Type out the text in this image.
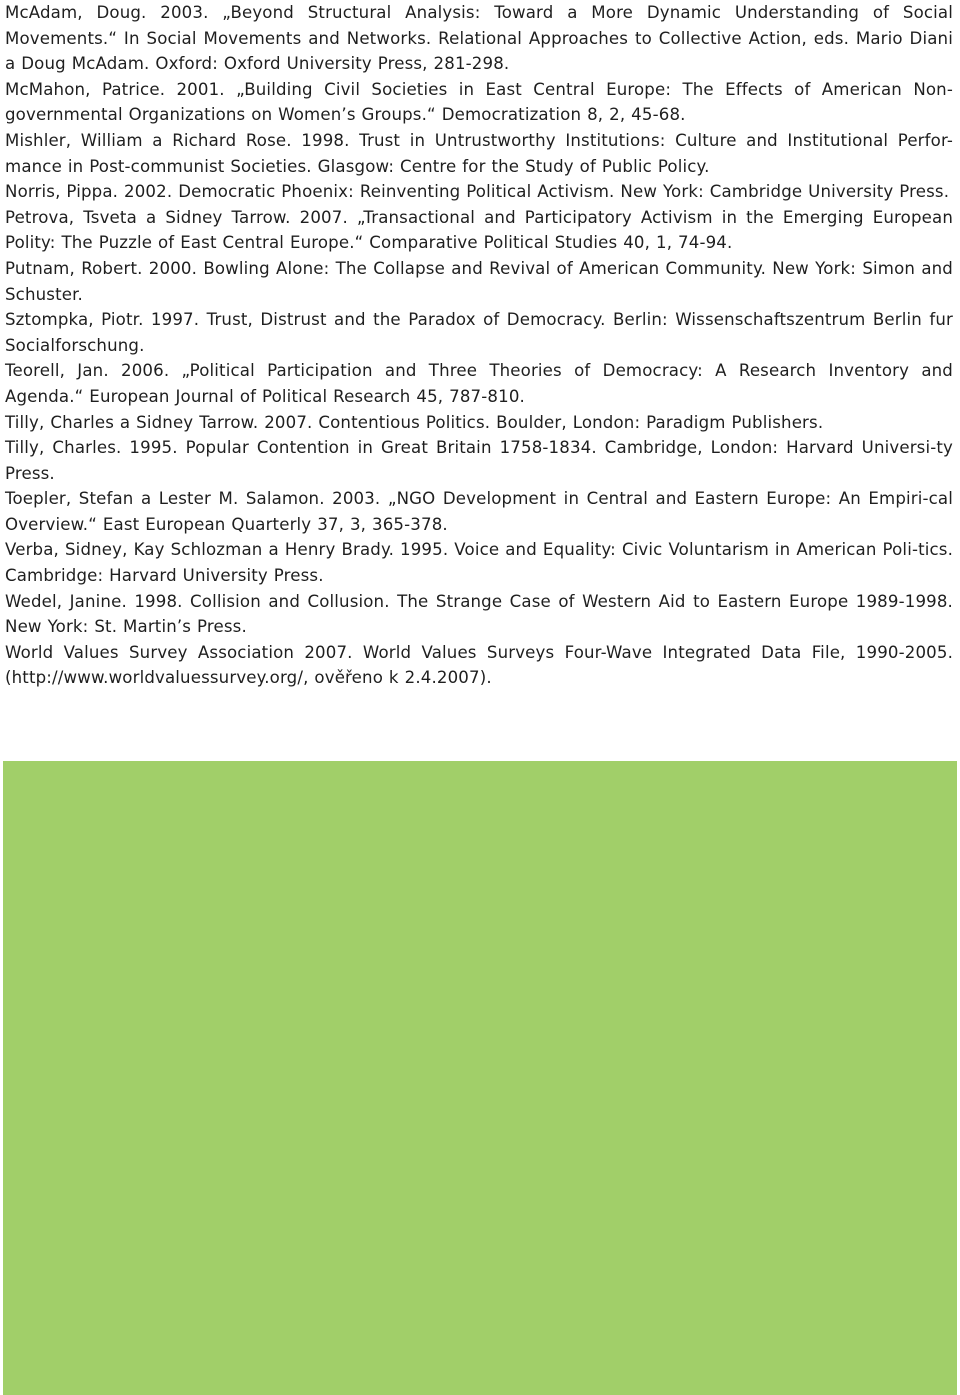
McAdam, Doug. 2003. „Beyond Structural Analysis: Toward a More Dynamic Understanding of Social Movements.“ In Social Movements and Networks. Relational Approaches to Collective Action, eds. Mario Diani a Doug McAdam. Oxford: Oxford University Press, 281-298.
McMahon, Patrice. 2001. „Building Civil Societies in East Central Europe: The Effects of American Non-governmental Organizations on Women’s Groups.“ Democratization 8, 2, 45-68.
Mishler, William a Richard Rose. 1998. Trust in Untrustworthy Institutions: Culture and Institutional Perfor-mance in Post-communist Societies. Glasgow: Centre for the Study of Public Policy.
Norris, Pippa. 2002. Democratic Phoenix: Reinventing Political Activism. New York: Cambridge University Press.
Petrova, Tsveta a Sidney Tarrow. 2007. „Transactional and Participatory Activism in the Emerging European Polity: The Puzzle of East Central Europe.“ Comparative Political Studies 40, 1, 74-94.
Putnam, Robert. 2000. Bowling Alone: The Collapse and Revival of American Community. New York: Simon and Schuster.
Sztompka, Piotr. 1997. Trust, Distrust and the Paradox of Democracy. Berlin: Wissenschaftszentrum Berlin fur Socialforschung.
Teorell, Jan. 2006. „Political Participation and Three Theories of Democracy: A Research Inventory and Agenda.“ European Journal of Political Research 45, 787-810.
Tilly, Charles a Sidney Tarrow. 2007. Contentious Politics. Boulder, London: Paradigm Publishers.
Tilly, Charles. 1995. Popular Contention in Great Britain 1758-1834. Cambridge, London: Harvard Universi-ty Press.
Toepler, Stefan a Lester M. Salamon. 2003. „NGO Development in Central and Eastern Europe: An Empiri-cal Overview.“ East European Quarterly 37, 3, 365-378.
Verba, Sidney, Kay Schlozman a Henry Brady. 1995. Voice and Equality: Civic Voluntarism in American Poli-tics. Cambridge: Harvard University Press.
Wedel, Janine. 1998. Collision and Collusion. The Strange Case of Western Aid to Eastern Europe 1989-1998. New York: St. Martin’s Press.
World Values Survey Association 2007. World Values Surveys Four-Wave Integrated Data File, 1990-2005. (http://www.worldvaluessurvey.org/, ověřeno k 2.4.2007).
